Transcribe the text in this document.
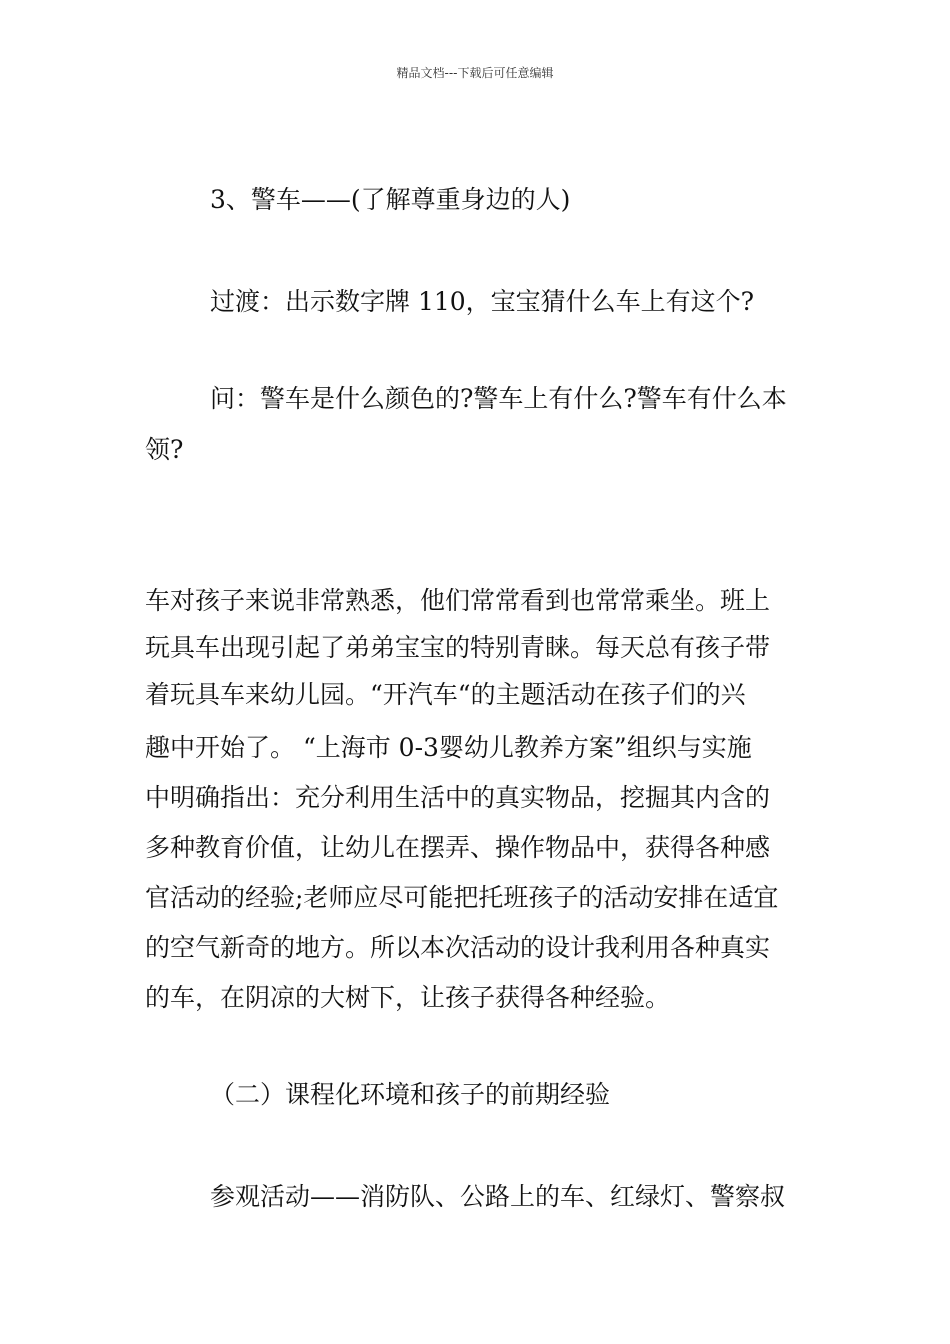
精品文档---下载后可任意编辑
3、警车——(了解尊重身边的人)
过渡：出示数字牌 110，宝宝猜什么车上有这个?
问：警车是什么颜色的?警车上有什么?警车有什么本
领?
车对孩子来说非常熟悉，他们常常看到也常常乘坐。班上
玩具车出现引起了弟弟宝宝的特别青睐。每天总有孩子带
着玩具车来幼儿园。“开汽车“的主题活动在孩子们的兴
趣中开始了。 “上海市 0-3婴幼儿教养方案”组织与实施
中明确指出：充分利用生活中的真实物品，挖掘其内含的
多种教育价值，让幼儿在摆弄、操作物品中，获得各种感
官活动的经验;老师应尽可能把托班孩子的活动安排在适宜
的空气新奇的地方。所以本次活动的设计我利用各种真实
的车，在阴凉的大树下，让孩子获得各种经验。
（二）课程化环境和孩子的前期经验
参观活动——消防队、公路上的车、红绿灯、警察叔
